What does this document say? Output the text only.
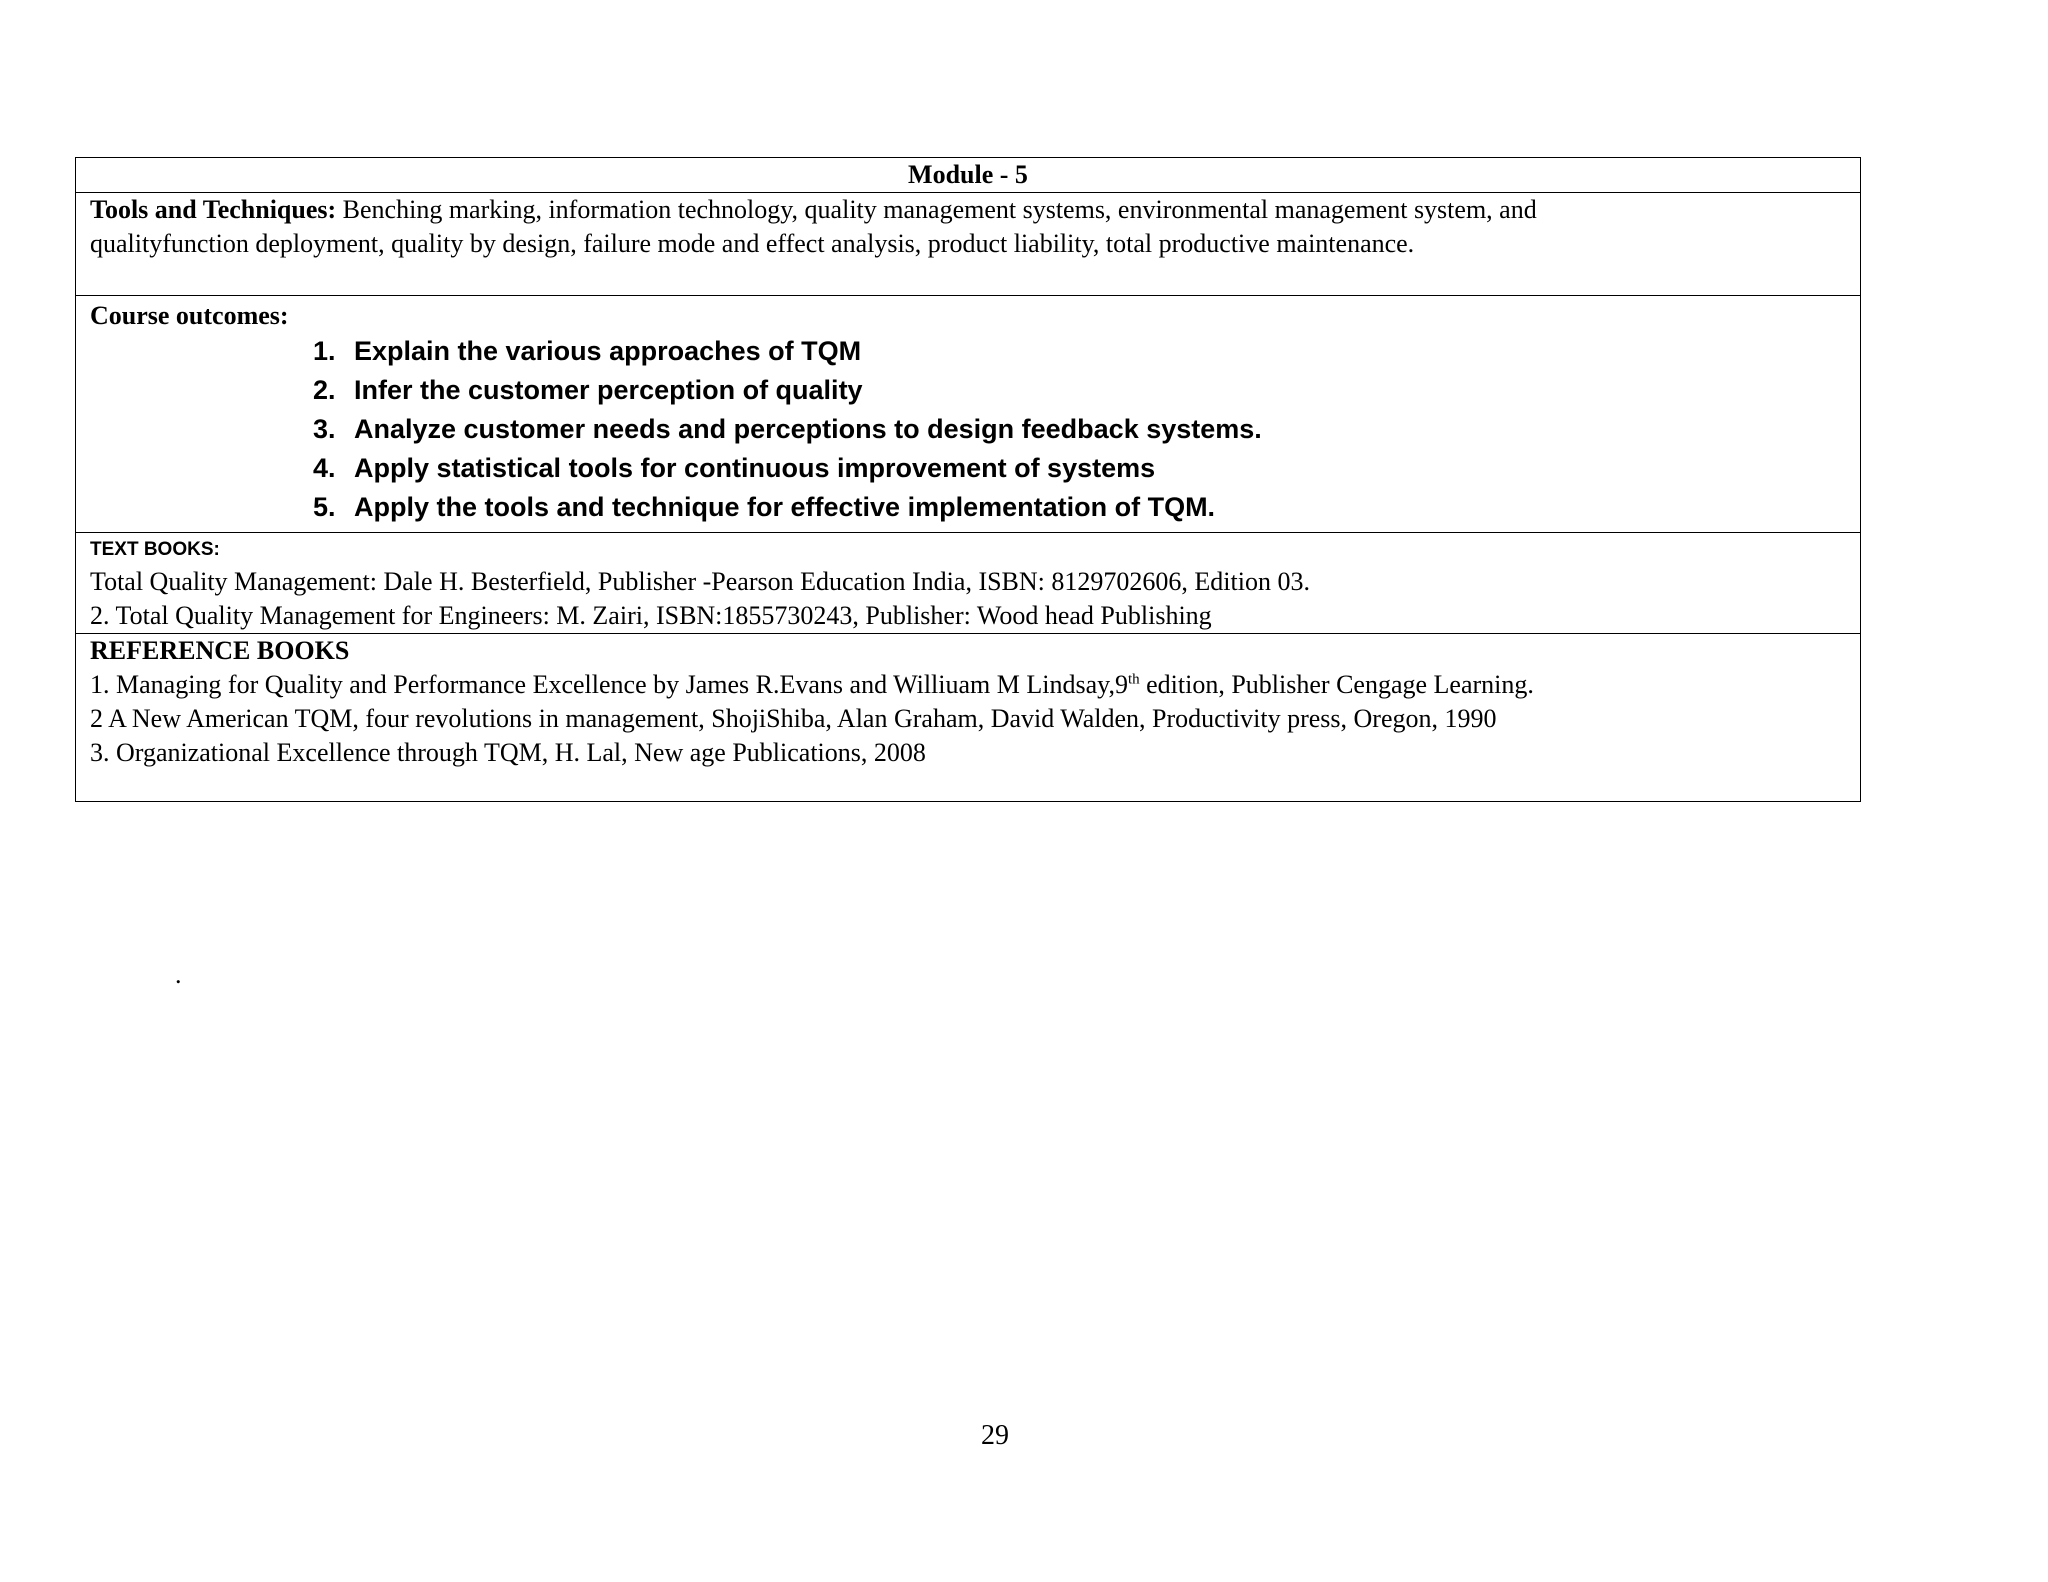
Module - 5
Tools and Techniques: Benching marking, information technology, quality management systems, environmental management system, and
qualityfunction deployment, quality by design, failure mode and effect analysis, product liability, total productive maintenance.
Course outcomes:
1. Explain the various approaches of TQM
2. Infer the customer perception of quality
3. Analyze customer needs and perceptions to design feedback systems.
4. Apply statistical tools for continuous improvement of systems
5. Apply the tools and technique for effective implementation of TQM.
TEXT BOOKS:
Total Quality Management: Dale H. Besterfield, Publisher -Pearson Education India, ISBN: 8129702606, Edition 03.
2. Total Quality Management for Engineers: M. Zairi, ISBN:1855730243, Publisher: Wood head Publishing
REFERENCE BOOKS
1. Managing for Quality and Performance Excellence by James R.Evans and Williuam M Lindsay,9th edition, Publisher Cengage Learning.
2 A New American TQM, four revolutions in management, ShojiShiba, Alan Graham, David Walden, Productivity press, Oregon, 1990
3. Organizational Excellence through TQM, H. Lal, New age Publications, 2008
.
29
